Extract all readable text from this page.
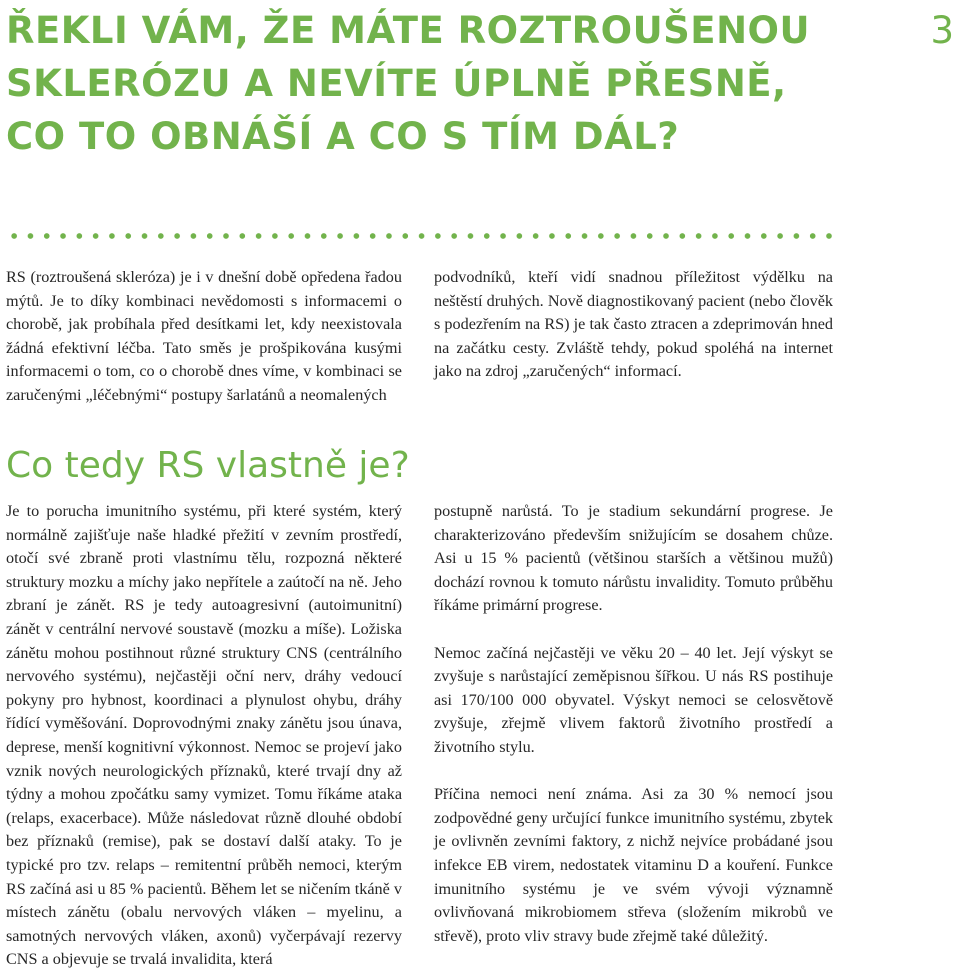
ŘEKLI VÁM, ŽE MÁTE ROZTROUŠENOU
SKLERÓZU A NEVÍTE ÚPLNĚ PŘESNĚ,
CO TO OBNÁŠÍ A CO S TÍM DÁL?
3

RS (roztroušená skleróza) je i v dnešní době opředena řadou mýtů. Je to díky kombinaci nevědomosti s informacemi o chorobě, jak probíhala před desítkami let, kdy neexistovala žádná efektivní léčba. Tato směs je prošpikována kusými informacemi o tom, co o chorobě dnes víme, v kombinaci se zaručenými „léčebnými“ postupy šarlatánů a neomalených

podvodníků, kteří vidí snadnou příležitost výdělku na neštěstí druhých. Nově diagnostikovaný pacient (nebo člověk s podezřením na RS) je tak často ztracen a zdeprimován hned na začátku cesty. Zvláště tehdy, pokud spoléhá na internet jako na zdroj „zaručených“ informací.

Co tedy RS vlastně je?

Je to porucha imunitního systému, při které systém, který normálně zajišťuje naše hladké přežití v zevním prostředí, otočí své zbraně proti vlastnímu tělu, rozpozná některé struktury mozku a míchy jako nepřítele a zaútočí na ně. Jeho zbraní je zánět. RS je tedy autoagresivní (autoimunitní) zánět v centrální nervové soustavě (mozku a míše). Ložiska zánětu mohou postihnout různé struktury CNS (centrálního nervového systému), nejčastěji oční nerv, dráhy vedoucí pokyny pro hybnost, koordinaci a plynulost ohybu, dráhy řídící vyměšování. Doprovodnými znaky zánětu jsou únava, deprese, menší kognitivní výkonnost. Nemoc se projeví jako vznik nových neurologických příznaků, které trvají dny až týdny a mohou zpočátku samy vymizet. Tomu říkáme ataka (relaps, exacerbace). Může následovat různě dlouhé období bez příznaků (remise), pak se dostaví další ataky. To je typické pro tzv. relaps – remitentní průběh nemoci, kterým RS začíná asi u 85 % pacientů. Během let se ničením tkáně v místech zánětu (obalu nervových vláken – myelinu, a samotných nervových vláken, axonů) vyčerpávají rezervy CNS a objevuje se trvalá invalidita, která

postupně narůstá. To je stadium sekundární progrese. Je charakterizováno především snižujícím se dosahem chůze. Asi u 15 % pacientů (většinou starších a většinou mužů) dochází rovnou k tomuto nárůstu invalidity. Tomuto průběhu říkáme primární progrese.

Nemoc začíná nejčastěji ve věku 20 – 40 let. Její výskyt se zvyšuje s narůstající zeměpisnou šířkou. U nás RS postihuje asi 170/100 000 obyvatel. Výskyt nemoci se celosvětově zvyšuje, zřejmě vlivem faktorů životního prostředí a životního stylu.

Příčina nemoci není známa. Asi za 30 % nemocí jsou zodpovědné geny určující funkce imunitního systému, zbytek je ovlivněn zevními faktory, z nichž nejvíce probádané jsou infekce EB virem, nedostatek vitaminu D a kouření. Funkce imunitního systému je ve svém vývoji významně ovlivňovaná mikrobiomem střeva (složením mikrobů ve střevě), proto vliv stravy bude zřejmě také důležitý.
